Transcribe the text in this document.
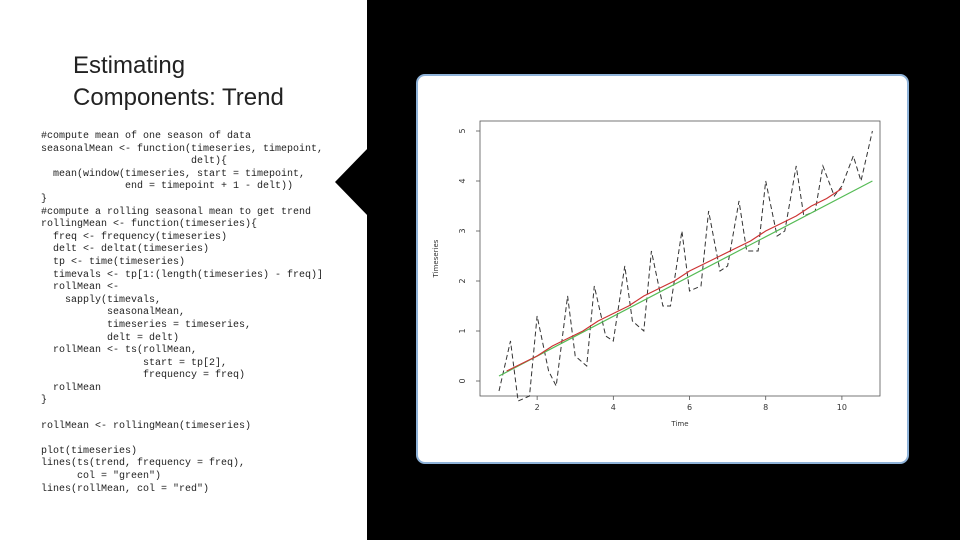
Estimating
Components: Trend
#compute mean of one season of data
seasonalMean <- function(timeseries, timepoint,
delt){
mean(window(timeseries, start = timepoint,
end = timepoint + 1 - delt))
}
#compute a rolling seasonal mean to get trend
rollingMean <- function(timeseries){
freq <- frequency(timeseries)
delt <- deltat(timeseries)
tp <- time(timeseries)
timevals <- tp[1:(length(timeseries) - freq)]
rollMean <-
sapply(timevals,
seasonalMean,
timeseries = timeseries,
delt = delt)
rollMean <- ts(rollMean,
start = tp[2],
frequency = freq)
rollMean
}

rollMean <- rollingMean(timeseries)

plot(timeseries)
lines(ts(trend, frequency = freq),
col = "green")
lines(rollMean, col = "red")
2	4	6	8	10
0
1
2
3
4
5
Time
Timeseries
